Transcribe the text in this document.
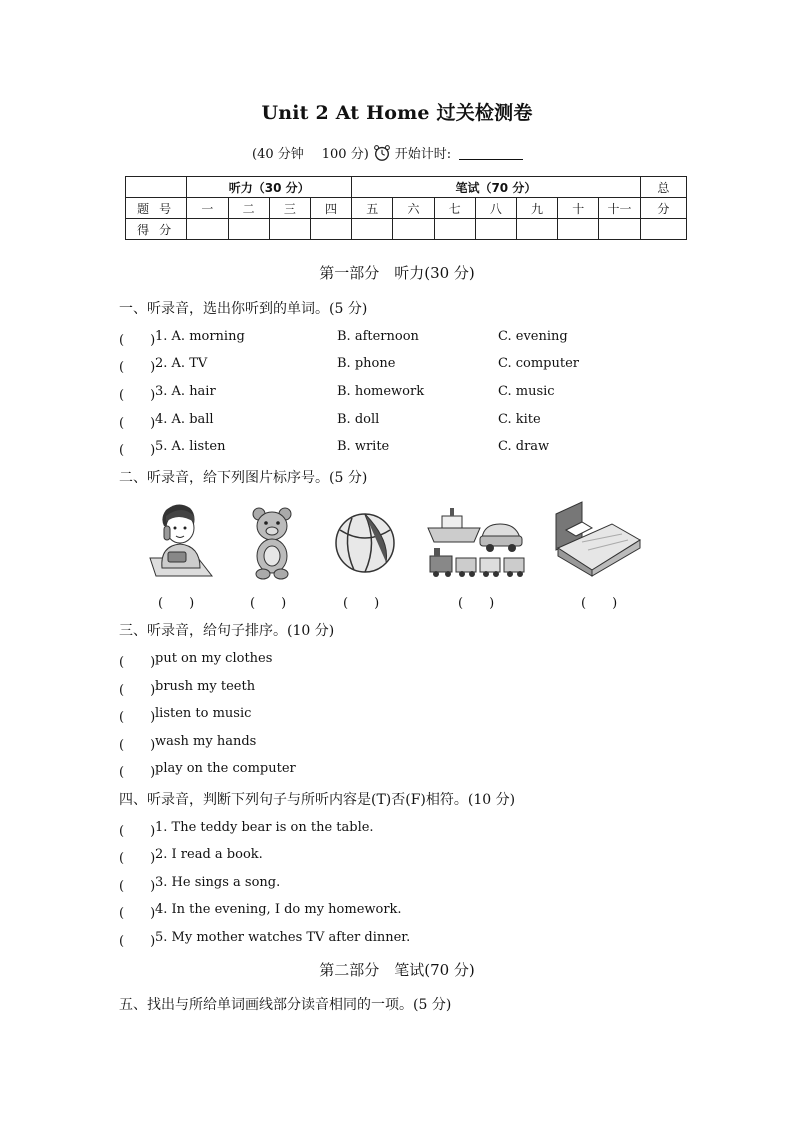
Unit 2 At Home 过关检测卷
(40 分钟 100 分) 开始计时:
	听力（30 分）				笔试（70 分）							总
题号	一	二	三	四	五	六	七	八	九	十	十一	分
得分												
第一部分　听力(30 分)
一、听录音，选出你听到的单词。(5 分)
(　　) 1. A. morning	B. afternoon	C. evening
(　　) 2. A. TV	B. phone	C. computer
(　　) 3. A. hair	B. homework	C. music
(　　) 4. A. ball	B. doll	C. kite
(　　) 5. A. listen	B. write	C. draw
二、听录音，给下列图片标序号。(5 分)
(　　)	(　　)	(　　)	(　　)	(　　)
三、听录音，给句子排序。(10 分)
(　　) put on my clothes
(　　) brush my teeth
(　　) listen to music
(　　) wash my hands
(　　) play on the computer
四、听录音，判断下列句子与所听内容是(T)否(F)相符。(10 分)
(　　) 1. The teddy bear is on the table.
(　　) 2. I read a book.
(　　) 3. He sings a song.
(　　) 4. In the evening, I do my homework.
(　　) 5. My mother watches TV after dinner.
第二部分　笔试(70 分)
五、找出与所给单词画线部分读音相同的一项。(5 分)
